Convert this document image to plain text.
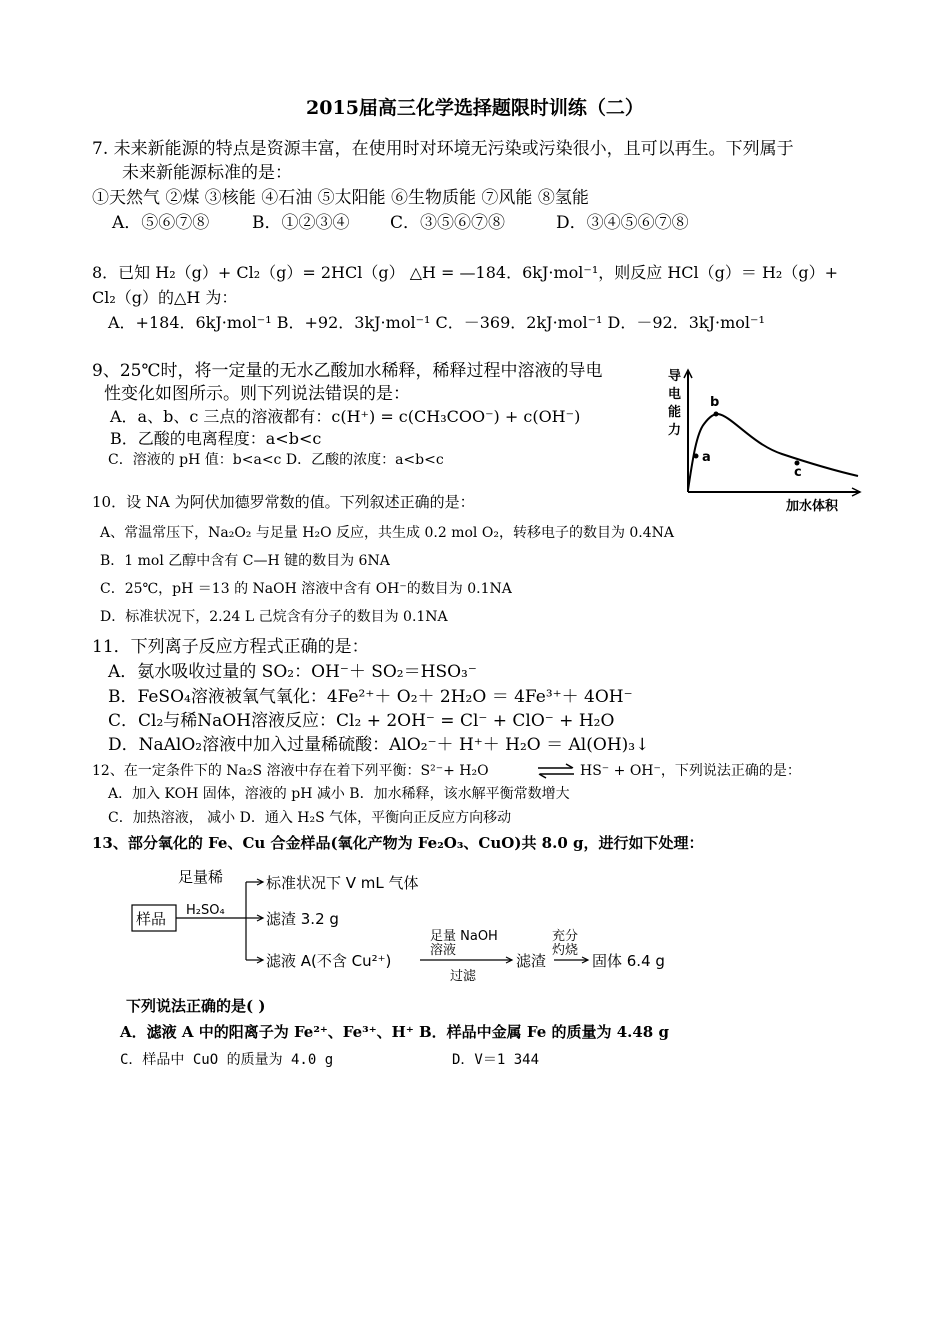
2015届高三化学选择题限时训练（二）
7. 未来新能源的特点是资源丰富，在使用时对环境无污染或污染很小，且可以再生。下列属于
未来新能源标准的是：
①天然气 ②煤 ③核能 ④石油 ⑤太阳能 ⑥生物质能 ⑦风能 ⑧氢能
A．⑤⑥⑦⑧	B．①②③④ C．③⑤⑥⑦⑧	D．③④⑤⑥⑦⑧
8．已知 H₂（g）+ Cl₂（g）= 2HCl（g） △H = —184．6kJ·mol⁻¹，则反应 HCl（g）＝ H₂（g）+
Cl₂（g）的△H 为：
A．+184．6kJ·mol⁻¹ B．+92．3kJ·mol⁻¹ C．－369．2kJ·mol⁻¹ D．－92．3kJ·mol⁻¹
9、25℃时，将一定量的无水乙酸加水稀释，稀释过程中溶液的导电
性变化如图所示。则下列说法错误的是：
A．a、b、c 三点的溶液都有：c(H⁺) = c(CH₃COO⁻) + c(OH⁻)
B．乙酸的电离程度：a<b<c
C．溶液的 pH 值：b<a<c D．乙酸的浓度：a<b<c
导
电
能
力
a
b
c
加水体积
10．设 NA 为阿伏加德罗常数的值。下列叙述正确的是：
A、常温常压下，Na₂O₂ 与足量 H₂O 反应，共生成 0.2 mol O₂，转移电子的数目为 0.4NA
B．1 mol 乙醇中含有 C—H 键的数目为 6NA
C．25℃，pH ＝13 的 NaOH 溶液中含有 OH⁻的数目为 0.1NA
D．标准状况下，2.24 L 己烷含有分子的数目为 0.1NA
11．下列离子反应方程式正确的是：
A．氨水吸收过量的 SO₂：OH⁻＋ SO₂＝HSO₃⁻
B．FeSO₄溶液被氧气氧化：4Fe²⁺＋ O₂＋ 2H₂O ＝ 4Fe³⁺＋ 4OH⁻
C．Cl₂与稀NaOH溶液反应：Cl₂ + 2OH⁻ = Cl⁻ + ClO⁻ + H₂O
D．NaAlO₂溶液中加入过量稀硫酸：AlO₂⁻＋ H⁺＋ H₂O ＝ Al(OH)₃↓
12、在一定条件下的 Na₂S 溶液中存在着下列平衡：S²⁻+ H₂O	⇌ HS⁻ + OH⁻，下列说法正确的是：
A．加入 KOH 固体，溶液的 pH 减小 B．加水稀释，该水解平衡常数增大
C．加热溶液， 减小 D．通入 H₂S 气体，平衡向正反应方向移动
13、部分氧化的 Fe、Cu 合金样品(氧化产物为 Fe₂O₃、CuO)共 8.0 g，进行如下处理：
样品
足量稀
H₂SO₄
标准状况下 V mL 气体
滤渣 3.2 g
滤液 A(不含 Cu²⁺)
足量 NaOH
溶液
过滤
滤渣
充分
灼烧
固体 6.4 g
下列说法正确的是( )
A．滤液 A 中的阳离子为 Fe²⁺、Fe³⁺、H⁺ B．样品中金属 Fe 的质量为 4.48 g
C．样品中 CuO 的质量为 4.0 g	D．V＝1 344
